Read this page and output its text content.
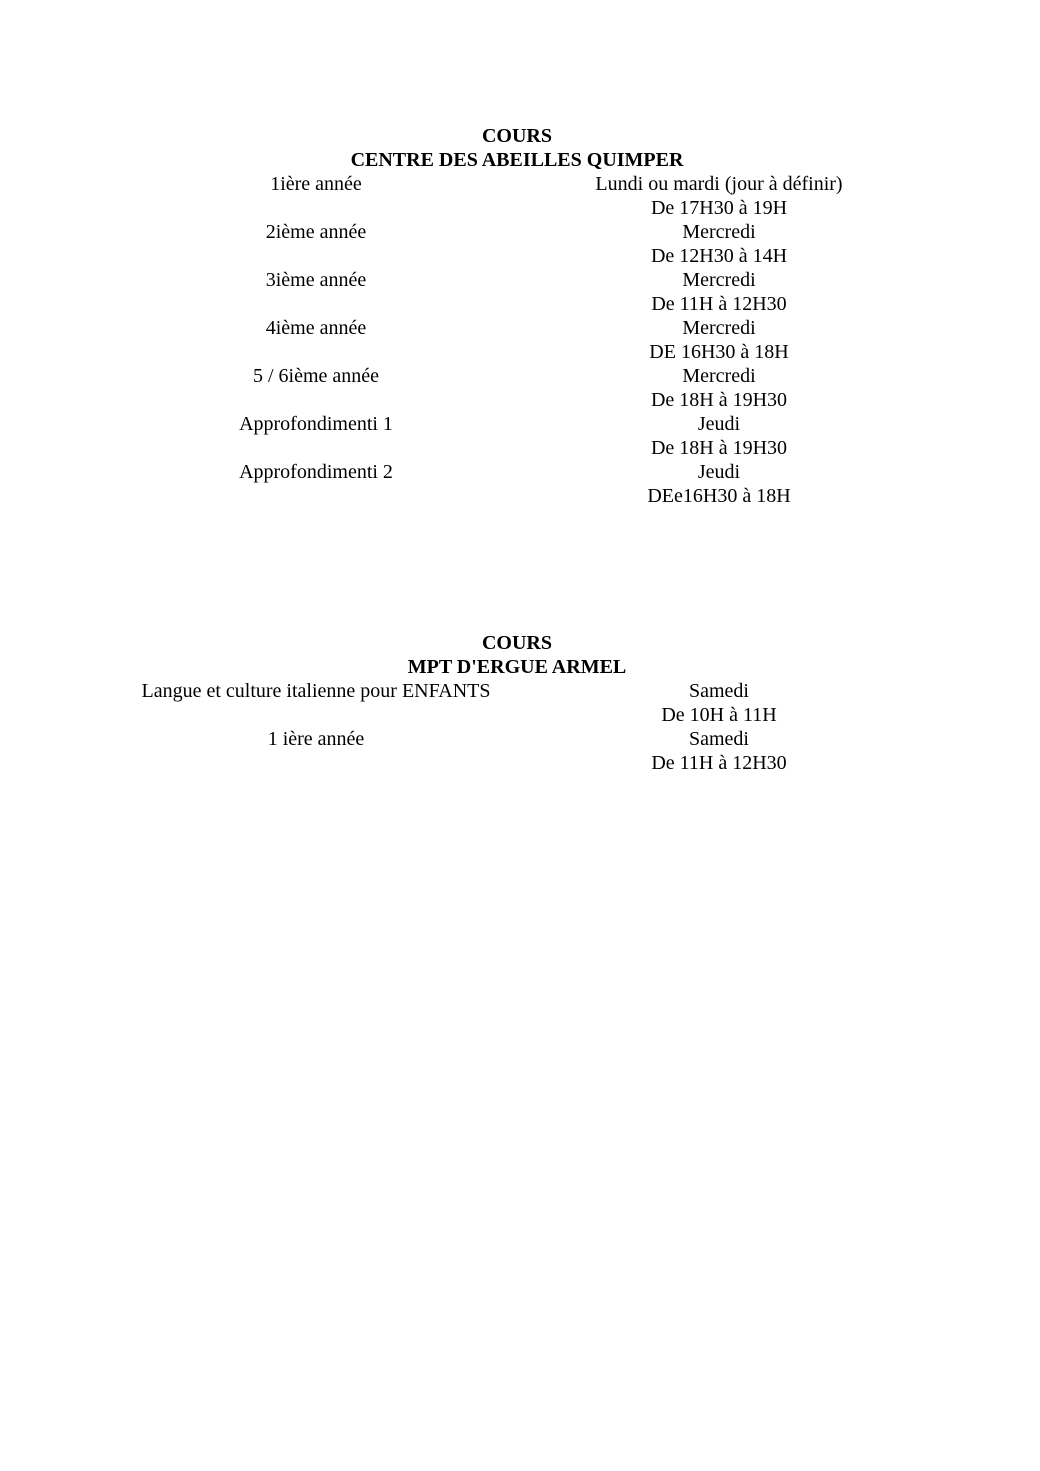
COURS
CENTRE DES ABEILLES QUIMPER
1ière année	Lundi ou mardi (jour à définir)
De 17H30 à 19H
2ième année	Mercredi
De 12H30 à 14H
3ième année	Mercredi
De 11H à 12H30
4ième année	Mercredi
DE 16H30 à 18H
5 / 6ième année	Mercredi
De 18H à 19H30
Approfondimenti 1	Jeudi
De 18H à 19H30
Approfondimenti 2	Jeudi
DEe16H30 à 18H
COURS
MPT D'ERGUE ARMEL
Langue et culture italienne pour ENFANTS	Samedi
De 10H à 11H
1 ière année	Samedi
De 11H à 12H30
